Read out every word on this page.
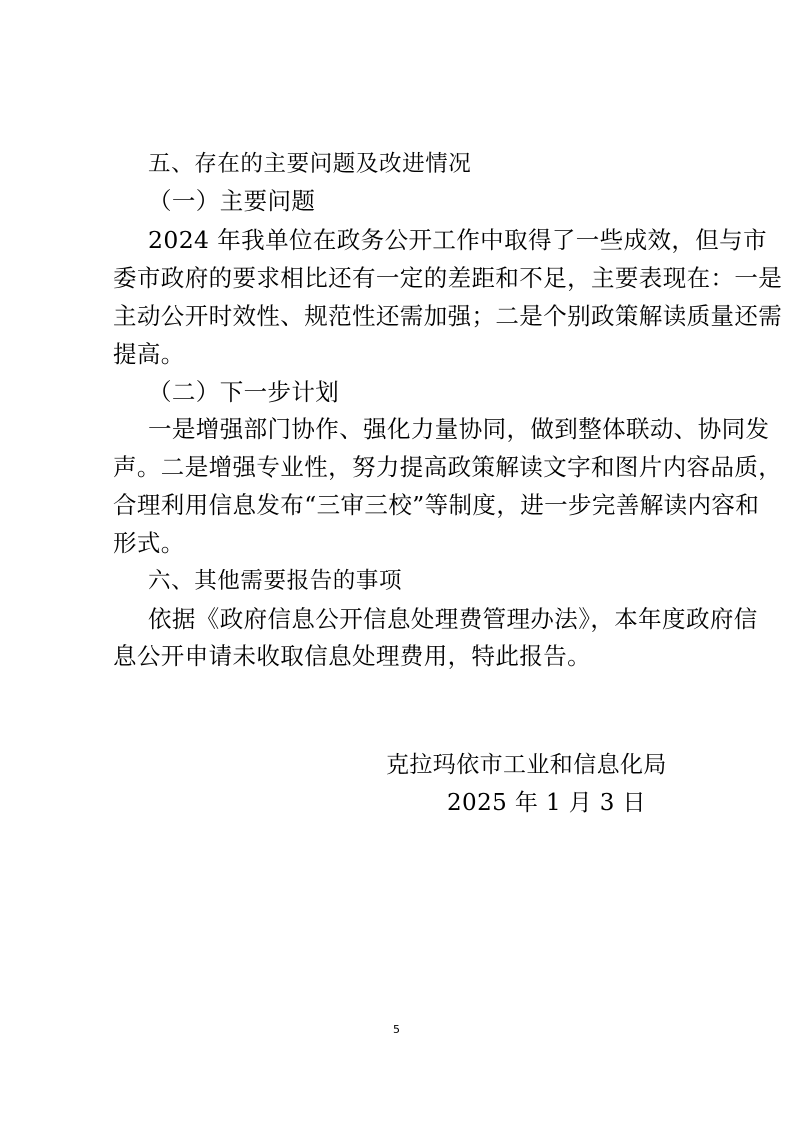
五、存在的主要问题及改进情况
（一）主要问题
2024 年我单位在政务公开工作中取得了一些成效，但与市
委市政府的要求相比还有一定的差距和不足，主要表现在：一是
主动公开时效性、规范性还需加强；二是个别政策解读质量还需
提高。
（二）下一步计划
一是增强部门协作、强化力量协同，做到整体联动、协同发
声。二是增强专业性，努力提高政策解读文字和图片内容品质，
合理利用信息发布“三审三校”等制度，进一步完善解读内容和
形式。
六、其他需要报告的事项
依据《政府信息公开信息处理费管理办法》，本年度政府信
息公开申请未收取信息处理费用，特此报告。
克拉玛依市工业和信息化局
2025 年 1 月 3 日
5
